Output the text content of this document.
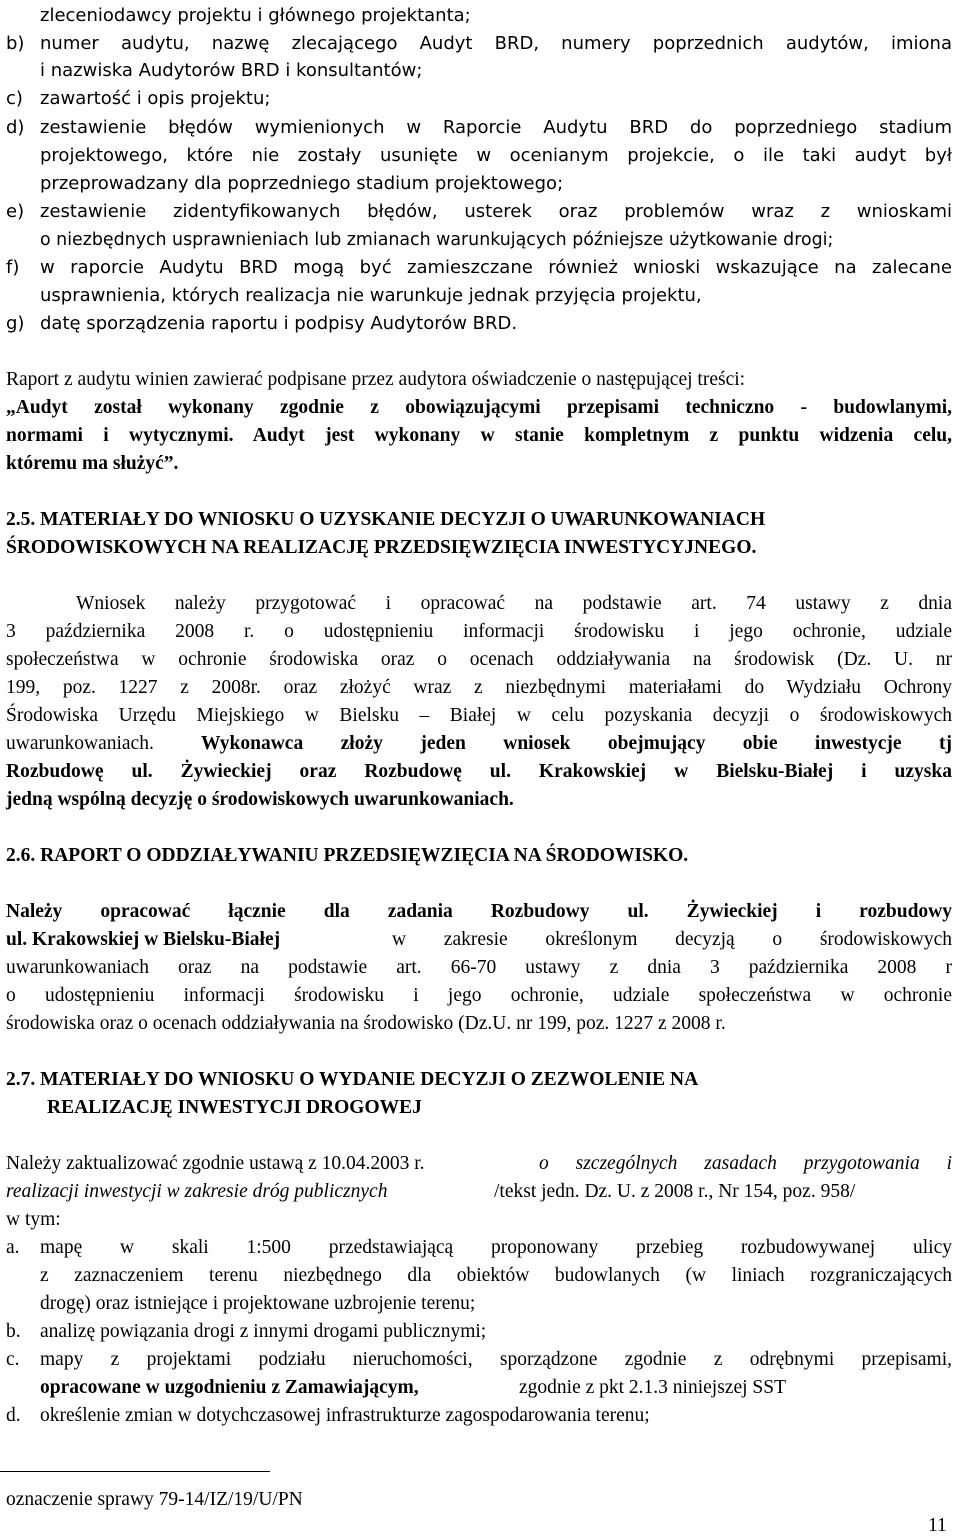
zleceniodawcy projektu i głównego projektanta;
b) numer audytu, nazwę zlecającego Audyt BRD, numery poprzednich audytów, imiona
i nazwiska Audytorów BRD i konsultantów;
c) zawartość i opis projektu;
d) zestawienie błędów wymienionych w Raporcie Audytu BRD do poprzedniego stadium
projektowego, które nie zostały usunięte w ocenianym projekcie, o ile taki audyt był
przeprowadzany dla poprzedniego stadium projektowego;
e) zestawienie zidentyfikowanych błędów, usterek oraz problemów wraz z wnioskami
o niezbędnych usprawnieniach lub zmianach warunkujących późniejsze użytkowanie drogi;
f) w raporcie Audytu BRD mogą być zamieszczane również wnioski wskazujące na zalecane
usprawnienia, których realizacja nie warunkuje jednak przyjęcia projektu,
g) datę sporządzenia raportu i podpisy Audytorów BRD.
Raport z audytu winien zawierać podpisane przez audytora oświadczenie o następującej treści:
„Audyt został wykonany zgodnie z obowiązującymi przepisami techniczno - budowlanymi,
normami i wytycznymi. Audyt jest wykonany w stanie kompletnym z punktu widzenia celu,
któremu ma służyć”.
2.5. MATERIAŁY DO WNIOSKU O UZYSKANIE DECYZJI O UWARUNKOWANIACH
ŚRODOWISKOWYCH NA REALIZACJĘ PRZEDSIĘWZIĘCIA INWESTYCYJNEGO.
Wniosek należy przygotować i opracować na podstawie art. 74 ustawy z dnia
3 października 2008 r. o udostępnieniu informacji środowisku i jego ochronie, udziale
społeczeństwa w ochronie środowiska oraz o ocenach oddziaływania na środowisk (Dz. U. nr
199, poz. 1227 z 2008r. oraz złożyć wraz z niezbędnymi materiałami do Wydziału Ochrony
Środowiska Urzędu Miejskiego w Bielsku – Białej w celu pozyskania decyzji o środowiskowych
uwarunkowaniach. Wykonawca złoży jeden wniosek obejmujący obie inwestycje tj
Rozbudowę ul. Żywieckiej oraz Rozbudowę ul. Krakowskiej w Bielsku-Białej i uzyska
jedną wspólną decyzję o środowiskowych uwarunkowaniach.
2.6. RAPORT O ODDZIAŁYWANIU PRZEDSIĘWZIĘCIA NA ŚRODOWISKO.
Należy opracować łącznie dla zadania Rozbudowy ul. Żywieckiej i rozbudowy
ul. Krakowskiej w Bielsku-Białej	w zakresie określonym decyzją o środowiskowych
uwarunkowaniach oraz na podstawie art. 66-70 ustawy z dnia 3 października 2008 r
o udostępnieniu informacji środowisku i jego ochronie, udziale społeczeństwa w ochronie
środowiska oraz o ocenach oddziaływania na środowisko (Dz.U. nr 199, poz. 1227 z 2008 r.
2.7. MATERIAŁY DO WNIOSKU O WYDANIE DECYZJI O ZEZWOLENIE NA
REALIZACJĘ INWESTYCJI DROGOWEJ
Należy zaktualizować zgodnie ustawą z 10.04.2003 r.	o szczególnych zasadach przygotowania i
realizacji inwestycji w zakresie dróg publicznych	/tekst jedn. Dz. U. z 2008 r., Nr 154, poz. 958/
w tym:
a. mapę w skali 1:500 przedstawiającą proponowany przebieg rozbudowywanej ulicy
z zaznaczeniem terenu niezbędnego dla obiektów budowlanych (w liniach rozgraniczających
drogę) oraz istniejące i projektowane uzbrojenie terenu;
b. analizę powiązania drogi z innymi drogami publicznymi;
c. mapy z projektami podziału nieruchomości, sporządzone zgodnie z odrębnymi przepisami,
opracowane w uzgodnieniu z Zamawiającym,	zgodnie z pkt 2.1.3 niniejszej SST
d. określenie zmian w dotychczasowej infrastrukturze zagospodarowania terenu;
oznaczenie sprawy 79-14/IZ/19/U/PN
11
